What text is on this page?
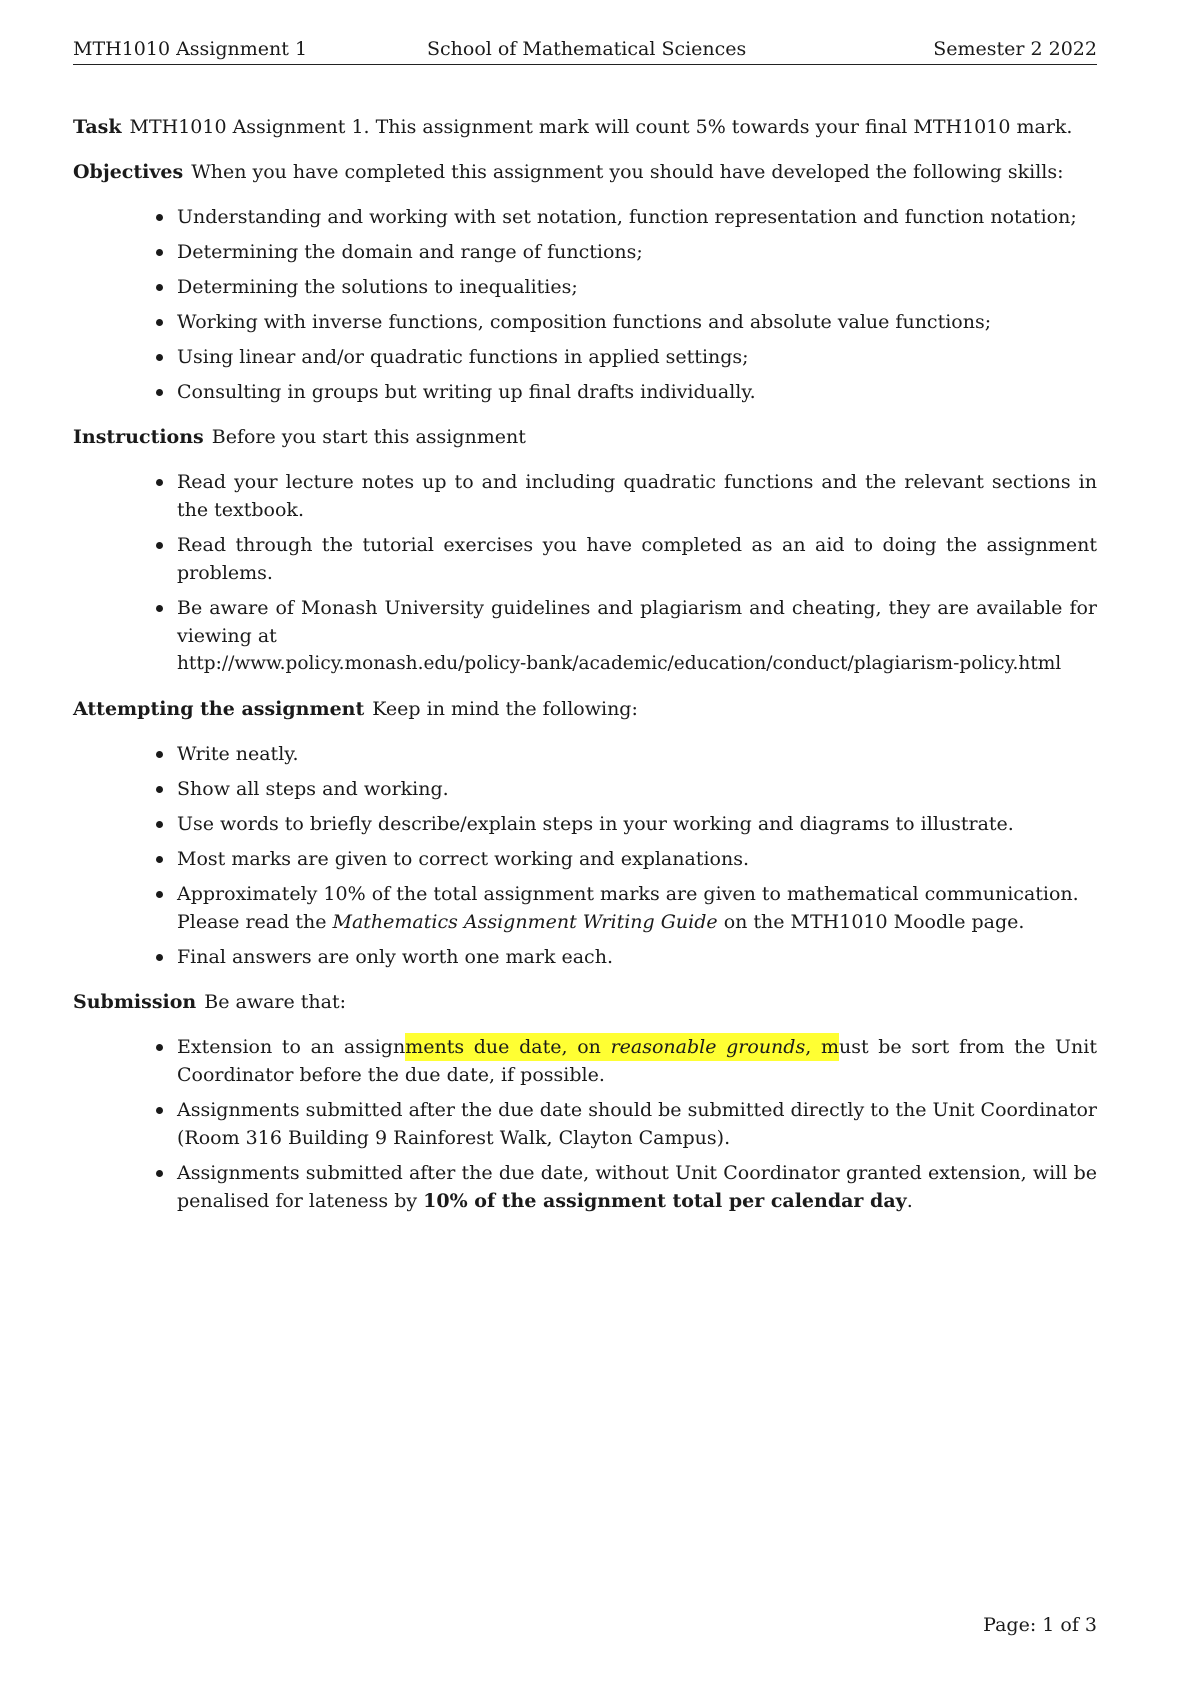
MTH1010 Assignment 1	School of Mathematical Sciences	Semester 2 2022

Task MTH1010 Assignment 1. This assignment mark will count 5% towards your final MTH1010 mark.

Objectives When you have completed this assignment you should have developed the following skills:

Understanding and working with set notation, function representation and function notation;
Determining the domain and range of functions;
Determining the solutions to inequalities;
Working with inverse functions, composition functions and absolute value functions;
Using linear and/or quadratic functions in applied settings;
Consulting in groups but writing up final drafts individually.

Instructions Before you start this assignment

Read your lecture notes up to and including quadratic functions and the relevant sections in the textbook.
Read through the tutorial exercises you have completed as an aid to doing the assignment problems.
Be aware of Monash University guidelines and plagiarism and cheating, they are available for viewing at
http://www.policy.monash.edu/policy-bank/academic/education/conduct/plagiarism-policy.html

Attempting the assignment Keep in mind the following:

Write neatly.
Show all steps and working.
Use words to briefly describe/explain steps in your working and diagrams to illustrate.
Most marks are given to correct working and explanations.
Approximately 10% of the total assignment marks are given to mathematical communication.
Please read the Mathematics Assignment Writing Guide on the MTH1010 Moodle page.
Final answers are only worth one mark each.

Submission Be aware that:

Extension to an assignments due date, on reasonable grounds, must be sort from the Unit Coordinator before the due date, if possible.
Assignments submitted after the due date should be submitted directly to the Unit Coordinator (Room 316 Building 9 Rainforest Walk, Clayton Campus).
Assignments submitted after the due date, without Unit Coordinator granted extension, will be penalised for lateness by 10% of the assignment total per calendar day.
Page: 1 of 3
